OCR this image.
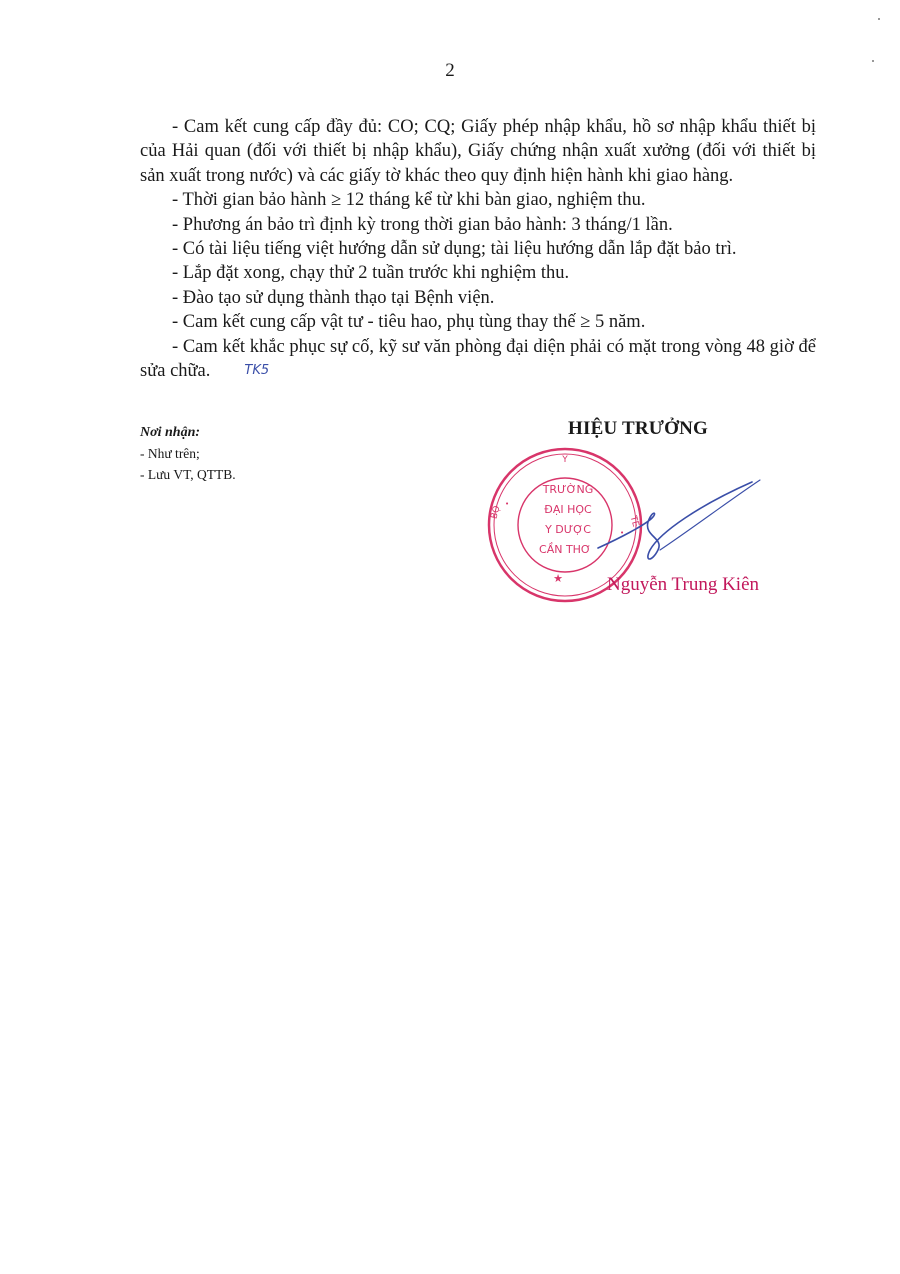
2

- Cam kết cung cấp đầy đủ: CO; CQ; Giấy phép nhập khẩu, hồ sơ nhập khẩu thiết bị của Hải quan (đối với thiết bị nhập khẩu), Giấy chứng nhận xuất xưởng (đối với thiết bị sản xuất trong nước) và các giấy tờ khác theo quy định hiện hành khi giao hàng.

- Thời gian bảo hành ≥ 12 tháng kể từ khi bàn giao, nghiệm thu.

- Phương án bảo trì định kỳ trong thời gian bảo hành: 3 tháng/1 lần.

- Có tài liệu tiếng việt hướng dẫn sử dụng; tài liệu hướng dẫn lắp đặt bảo trì.

- Lắp đặt xong, chạy thử 2 tuần trước khi nghiệm thu.

- Đào tạo sử dụng thành thạo tại Bệnh viện.

- Cam kết cung cấp vật tư - tiêu hao, phụ tùng thay thế ≥ 5 năm.

- Cam kết khắc phục sự cố, kỹ sư văn phòng đại diện phải có mặt trong vòng 48 giờ để sửa chữa.	TK5

Nơi nhận:
- Như trên;
- Lưu VT, QTTB.
HIỆU TRƯỞNG
Y
BỘ
TẾ
TRƯỜNG
ĐẠI HỌC
Y DƯỢC
CẦN THƠ
★
•
•
Nguyễn Trung Kiên
